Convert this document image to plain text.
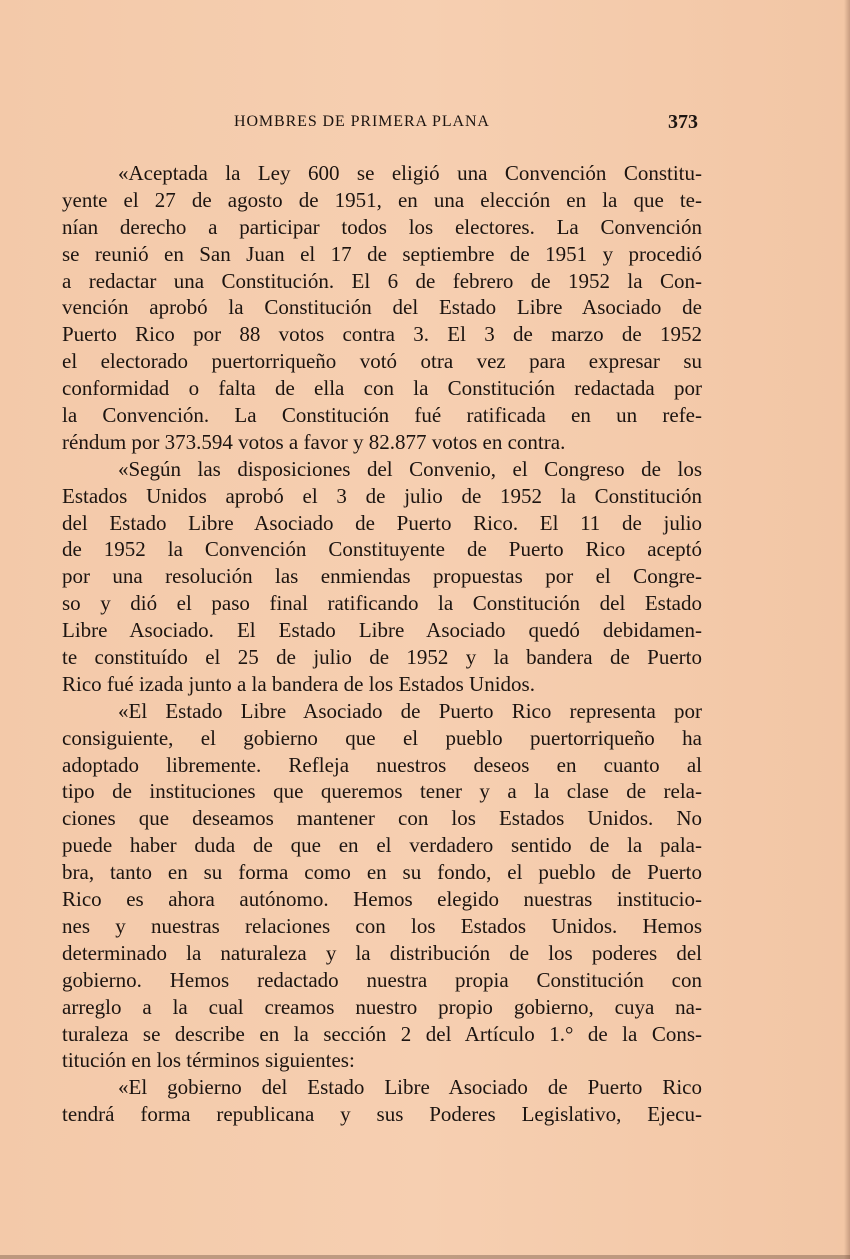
HOMBRES DE PRIMERA PLANA	373
«Aceptada la Ley 600 se eligió una Convención Constitu-
yente el 27 de agosto de 1951, en una elección en la que te-
nían derecho a participar todos los electores. La Convención
se reunió en San Juan el 17 de septiembre de 1951 y procedió
a redactar una Constitución. El 6 de febrero de 1952 la Con-
vención aprobó la Constitución del Estado Libre Asociado de
Puerto Rico por 88 votos contra 3. El 3 de marzo de 1952
el electorado puertorriqueño votó otra vez para expresar su
conformidad o falta de ella con la Constitución redactada por
la Convención. La Constitución fué ratificada en un refe-
réndum por 373.594 votos a favor y 82.877 votos en contra.
«Según las disposiciones del Convenio, el Congreso de los
Estados Unidos aprobó el 3 de julio de 1952 la Constitución
del Estado Libre Asociado de Puerto Rico. El 11 de julio
de 1952 la Convención Constituyente de Puerto Rico aceptó
por una resolución las enmiendas propuestas por el Congre-
so y dió el paso final ratificando la Constitución del Estado
Libre Asociado. El Estado Libre Asociado quedó debidamen-
te constituído el 25 de julio de 1952 y la bandera de Puerto
Rico fué izada junto a la bandera de los Estados Unidos.
«El Estado Libre Asociado de Puerto Rico representa por
consiguiente, el gobierno que el pueblo puertorriqueño ha
adoptado libremente. Refleja nuestros deseos en cuanto al
tipo de instituciones que queremos tener y a la clase de rela-
ciones que deseamos mantener con los Estados Unidos. No
puede haber duda de que en el verdadero sentido de la pala-
bra, tanto en su forma como en su fondo, el pueblo de Puerto
Rico es ahora autónomo. Hemos elegido nuestras institucio-
nes y nuestras relaciones con los Estados Unidos. Hemos
determinado la naturaleza y la distribución de los poderes del
gobierno. Hemos redactado nuestra propia Constitución con
arreglo a la cual creamos nuestro propio gobierno, cuya na-
turaleza se describe en la sección 2 del Artículo 1.° de la Cons-
titución en los términos siguientes:
«El gobierno del Estado Libre Asociado de Puerto Rico
tendrá forma republicana y sus Poderes Legislativo, Ejecu-
